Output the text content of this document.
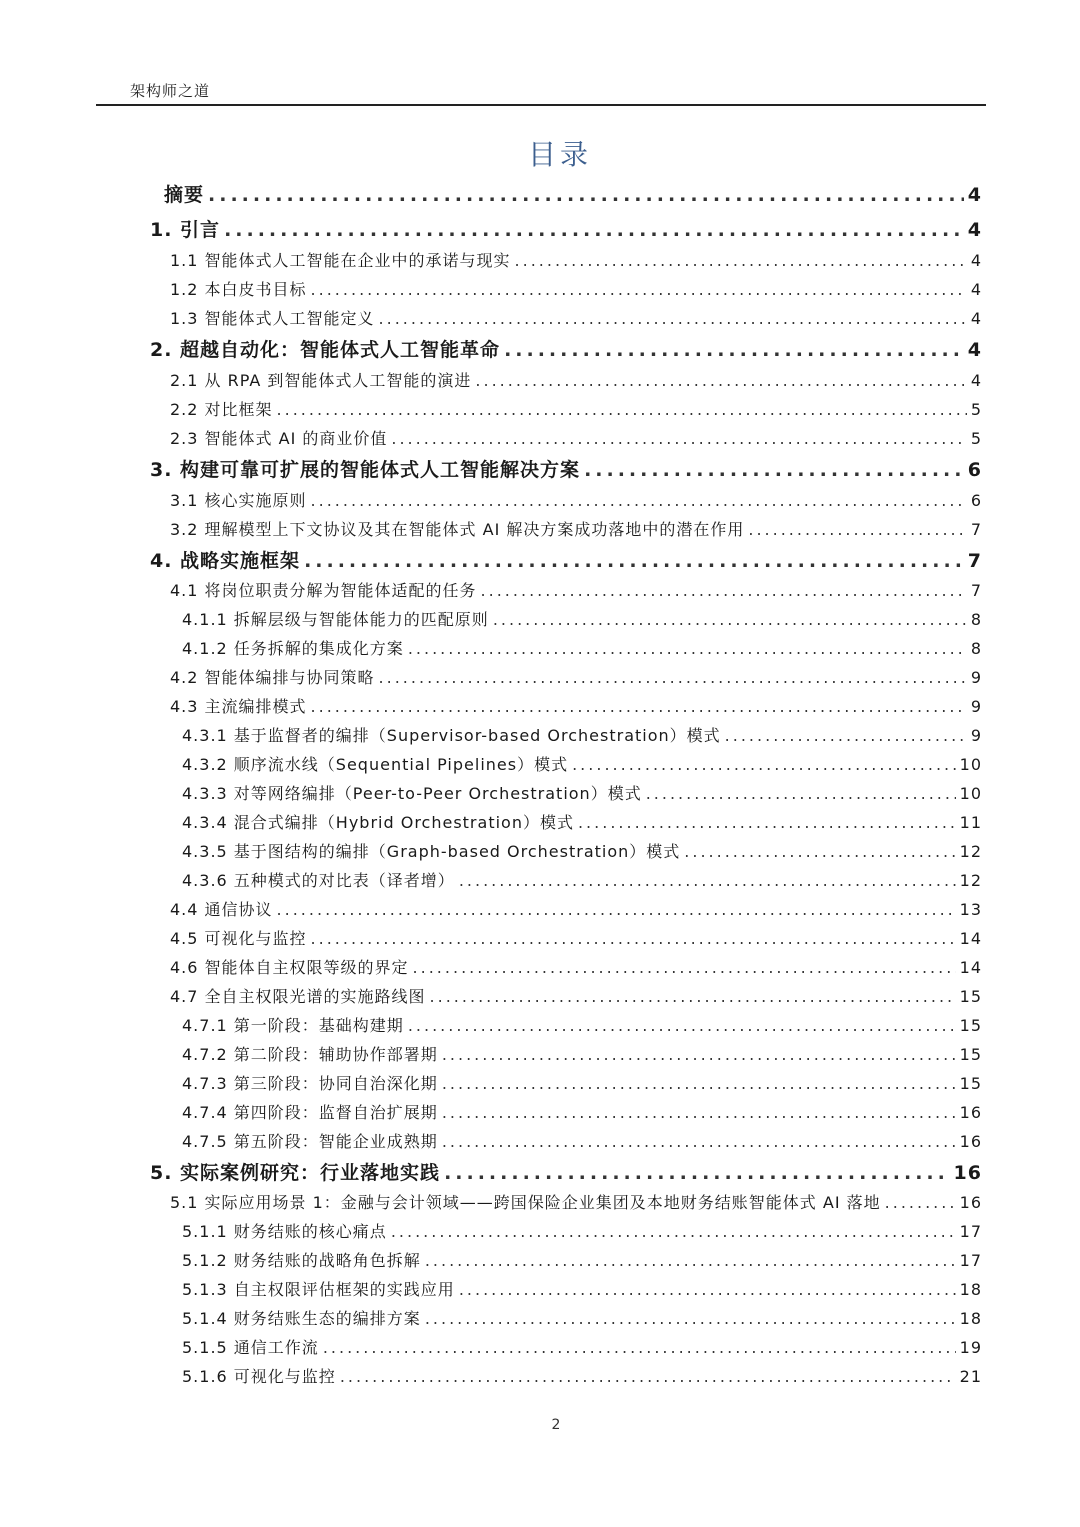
架构师之道
目录
摘要 .....	4
1. 引言 .....	4
1.1 智能体式人工智能在企业中的承诺与现实 .....	4
1.2 本白皮书目标 .....	4
1.3 智能体式人工智能定义 .....	4
2. 超越自动化：智能体式人工智能革命 .....	4
2.1 从 RPA 到智能体式人工智能的演进 .....	4
2.2 对比框架 .....	5
2.3 智能体式 AI 的商业价值 .....	5
3. 构建可靠可扩展的智能体式人工智能解决方案 .....	6
3.1 核心实施原则 .....	6
3.2 理解模型上下文协议及其在智能体式 AI 解决方案成功落地中的潜在作用 .....	7
4. 战略实施框架 .....	7
4.1 将岗位职责分解为智能体适配的任务 .....	7
4.1.1 拆解层级与智能体能力的匹配原则 .....	8
4.1.2 任务拆解的集成化方案 .....	8
4.2 智能体编排与协同策略 .....	9
4.3 主流编排模式 .....	9
4.3.1 基于监督者的编排（Supervisor-based Orchestration）模式 .....	9
4.3.2 顺序流水线（Sequential Pipelines）模式 .....	10
4.3.3 对等网络编排（Peer-to-Peer Orchestration）模式 .....	10
4.3.4 混合式编排（Hybrid Orchestration）模式 .....	11
4.3.5 基于图结构的编排（Graph-based Orchestration）模式 .....	12
4.3.6 五种模式的对比表（译者增） .....	12
4.4 通信协议 .....	13
4.5 可视化与监控 .....	14
4.6 智能体自主权限等级的界定 .....	14
4.7 全自主权限光谱的实施路线图 .....	15
4.7.1 第一阶段：基础构建期 .....	15
4.7.2 第二阶段：辅助协作部署期 .....	15
4.7.3 第三阶段：协同自治深化期 .....	15
4.7.4 第四阶段：监督自治扩展期 .....	16
4.7.5 第五阶段：智能企业成熟期 .....	16
5. 实际案例研究：行业落地实践 .....	16
5.1 实际应用场景 1：金融与会计领域——跨国保险企业集团及本地财务结账智能体式 AI 落地 .....	16
5.1.1 财务结账的核心痛点 .....	17
5.1.2 财务结账的战略角色拆解 .....	17
5.1.3 自主权限评估框架的实践应用 .....	18
5.1.4 财务结账生态的编排方案 .....	18
5.1.5 通信工作流 .....	19
5.1.6 可视化与监控 .....	21
2
